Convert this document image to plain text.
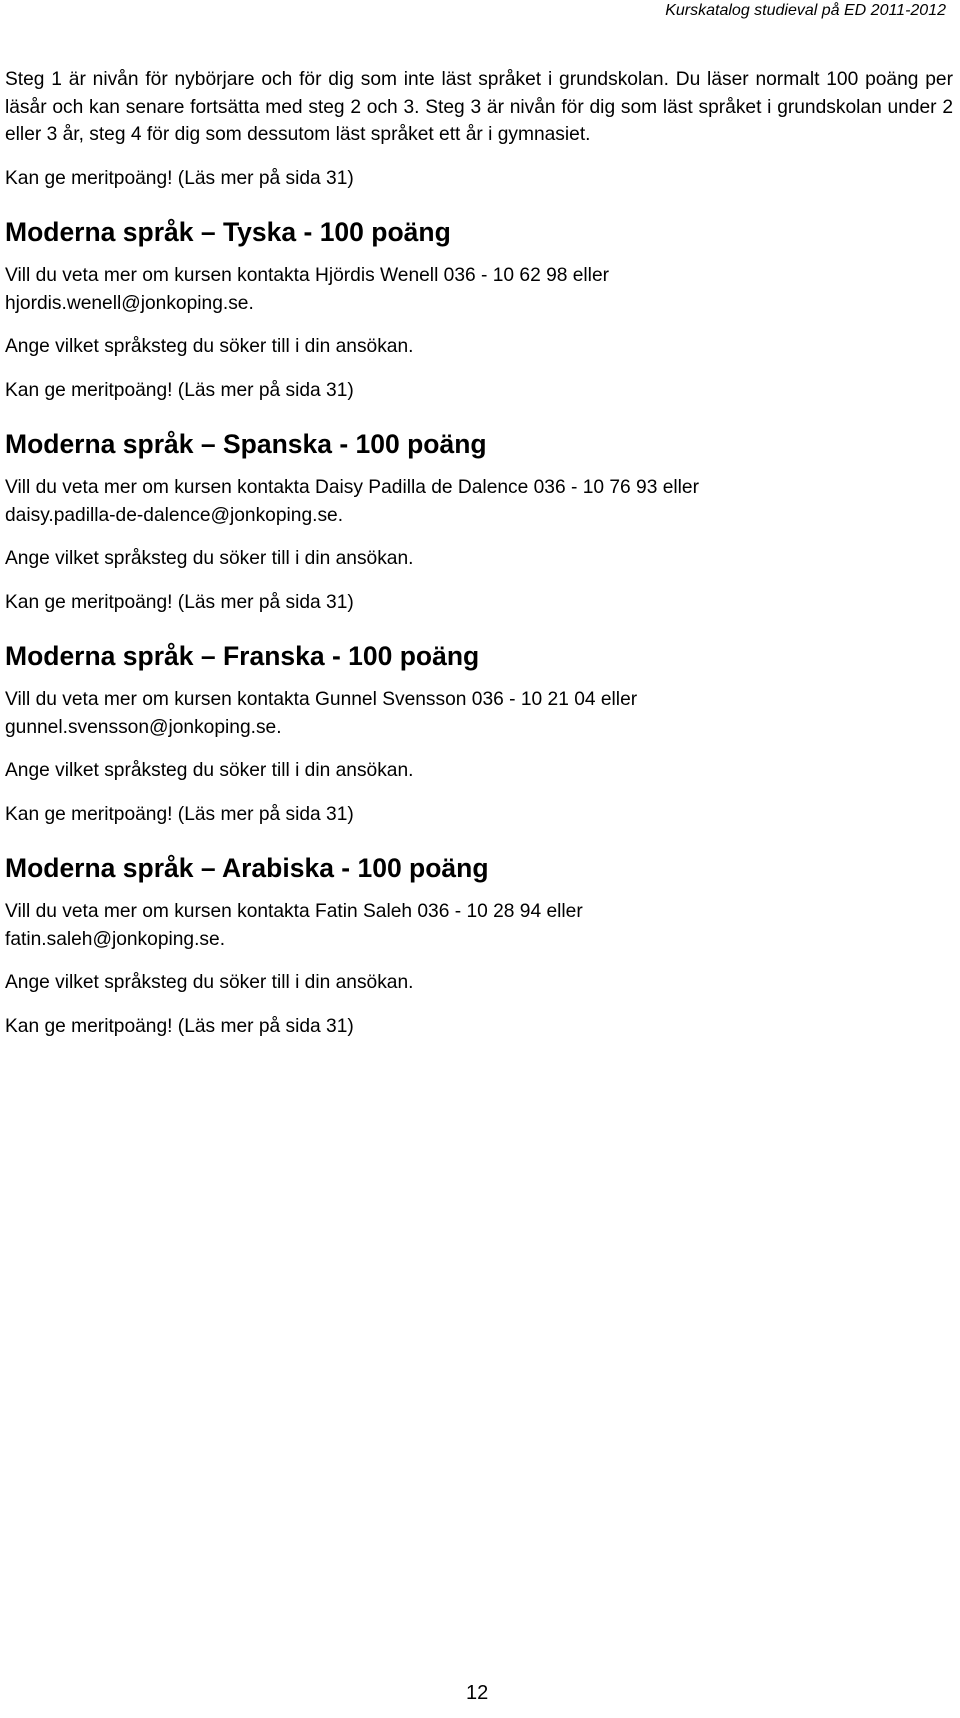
Kurskatalog studieval på ED 2011-2012

Steg 1 är nivån för nybörjare och för dig som inte läst språket i grundskolan. Du läser normalt 100 poäng per läsår och kan senare fortsätta med steg 2 och 3. Steg 3 är nivån för dig som läst språket i grundskolan under 2 eller 3 år, steg 4 för dig som dessutom läst språket ett år i gymnasiet.

Kan ge meritpoäng! (Läs mer på sida 31)

Moderna språk – Tyska - 100 poäng

Vill du veta mer om kursen kontakta Hjördis Wenell 036 - 10 62 98 eller

hjordis.wenell@jonkoping.se.

Ange vilket språksteg du söker till i din ansökan.

Kan ge meritpoäng! (Läs mer på sida 31)

Moderna språk – Spanska - 100 poäng

Vill du veta mer om kursen kontakta Daisy Padilla de Dalence 036 - 10 76 93 eller

daisy.padilla-de-dalence@jonkoping.se.

Ange vilket språksteg du söker till i din ansökan.

Kan ge meritpoäng! (Läs mer på sida 31)

Moderna språk – Franska - 100 poäng

Vill du veta mer om kursen kontakta Gunnel Svensson 036 - 10 21 04 eller

gunnel.svensson@jonkoping.se.

Ange vilket språksteg du söker till i din ansökan.

Kan ge meritpoäng! (Läs mer på sida 31)

Moderna språk – Arabiska - 100 poäng

Vill du veta mer om kursen kontakta Fatin Saleh 036 - 10 28 94 eller

fatin.saleh@jonkoping.se.

Ange vilket språksteg du söker till i din ansökan.

Kan ge meritpoäng! (Läs mer på sida 31)

12
